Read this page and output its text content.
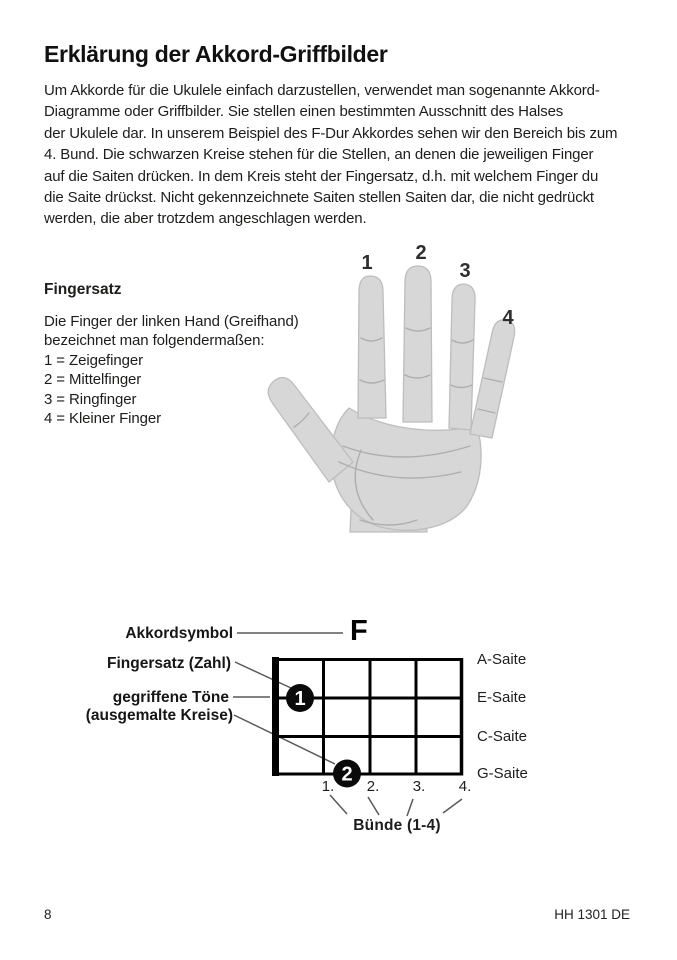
Erklärung der Akkord-Griffbilder
Um Akkorde für die Ukulele einfach darzustellen, verwendet man sogenannte Akkord-
Diagramme oder Griffbilder. Sie stellen einen bestimmten Ausschnitt des Halses
der Ukulele dar. In unserem Beispiel des F-Dur Akkordes sehen wir den Bereich bis zum
4. Bund. Die schwarzen Kreise stehen für die Stellen, an denen die jeweiligen Finger
auf die Saiten drücken. In dem Kreis steht der Fingersatz, d.h. mit welchem Finger du
die Saite drückst. Nicht gekennzeichnete Saiten stellen Saiten dar, die nicht gedrückt
werden, die aber trotzdem angeschlagen werden.
Fingersatz
Die Finger der linken Hand (Greifhand)
bezeichnet man folgendermaßen:
1 = Zeigefinger
2 = Mittelfinger
3 = Ringfinger
4 = Kleiner Finger
1 2
3
4
Akkordsymbol
Fingersatz (Zahl)
gegriffene Töne
(ausgemalte Kreise)
F
1
2
A-Saite
E-Saite
C-Saite
G-Saite
1.	2.	3.	4.
Bünde (1-4)
8	HH 1301 DE
